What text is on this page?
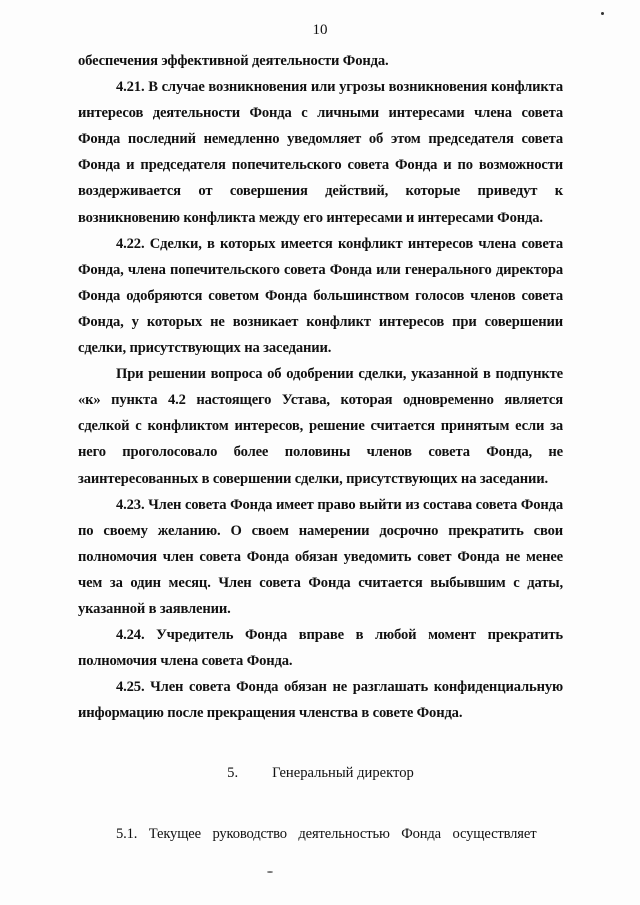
10

обеспечения эффективной деятельности Фонда.

4.21. В случае возникновения или угрозы возникновения конфликта интересов деятельности Фонда с личными интересами члена совета Фонда последний немедленно уведомляет об этом председателя совета Фонда и председателя попечительского совета Фонда и по возможности воздерживается от совершения действий, которые приведут к возникновению конфликта между его интересами и интересами Фонда.

4.22. Сделки, в которых имеется конфликт интересов члена совета Фонда, члена попечительского совета Фонда или генерального директора Фонда одобряются советом Фонда большинством голосов членов совета Фонда, у которых не возникает конфликт интересов при совершении сделки, присутствующих на заседании.

При решении вопроса об одобрении сделки, указанной в подпункте «к» пункта 4.2 настоящего Устава, которая одновременно является сделкой с конфликтом интересов, решение считается принятым если за него проголосовало более половины членов совета Фонда, не заинтересованных в совершении сделки, присутствующих на заседании.

4.23. Член совета Фонда имеет право выйти из состава совета Фонда по своему желанию. О своем намерении досрочно прекратить свои полномочия член совета Фонда обязан уведомить совет Фонда не менее чем за один месяц. Член совета Фонда считается выбывшим с даты, указанной в заявлении.

4.24. Учредитель Фонда вправе в любой момент прекратить полномочия члена совета Фонда.

4.25. Член совета Фонда обязан не разглашать конфиденциальную информацию после прекращения членства в совете Фонда.

5. Генеральный директор

5.1. Текущее руководство деятельностью Фонда осуществляет
